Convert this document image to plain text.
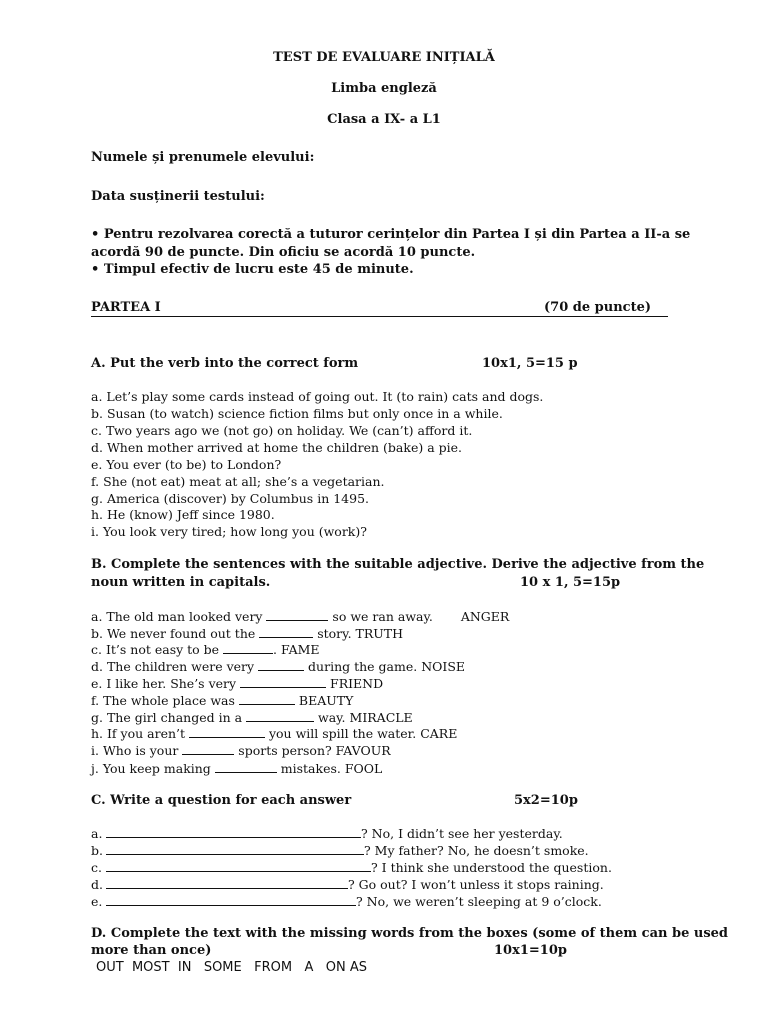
TEST DE EVALUARE INIȚIALĂ
Limba engleză
Clasa a IX- a L1
Numele și prenumele elevului:
Data susținerii testului:
• Pentru rezolvarea corectă a tuturor cerințelor din Partea I și din Partea a II-a se
acordă 90 de puncte. Din oficiu se acordă 10 puncte.
• Timpul efectiv de lucru este 45 de minute.
PARTEA I	(70 de puncte)
A. Put the verb into the correct form	10x1, 5=15 p
a. Let’s play some cards instead of going out. It (to rain) cats and dogs.
b. Susan (to watch) science fiction films but only once in a while.
c. Two years ago we (not go) on holiday. We (can’t) afford it.
d. When mother arrived at home the children (bake) a pie.
e. You ever (to be) to London?
f. She (not eat) meat at all; she’s a vegetarian.
g. America (discover) by Columbus in 1495.
h. He (know) Jeff since 1980.
i. You look very tired; how long you (work)?
B. Complete the sentences with the suitable adjective. Derive the adjective from the
noun written in capitals.	10 x 1, 5=15p
a. The old man looked very	so we ran away. ANGER
b. We never found out the	story. TRUTH
c. It’s not easy to be	. FAME
d. The children were very	during the game. NOISE
e. I like her. She’s very	FRIEND
f. The whole place was	BEAUTY
g. The girl changed in a	way. MIRACLE
h. If you aren’t	you will spill the water. CARE
i. Who is your	sports person? FAVOUR
j. You keep making	mistakes. FOOL
C. Write a question for each answer	5x2=10p
a.	? No, I didn’t see her yesterday.
b.	? My father? No, he doesn’t smoke.
c.	? I think she understood the question.
d.	? Go out? I won’t unless it stops raining.
e.	? No, we weren’t sleeping at 9 o’clock.
D. Complete the text with the missing words from the boxes (some of them can be used
more than once)	10x1=10p
OUT  MOST  IN   SOME   FROM   A   ON AS
